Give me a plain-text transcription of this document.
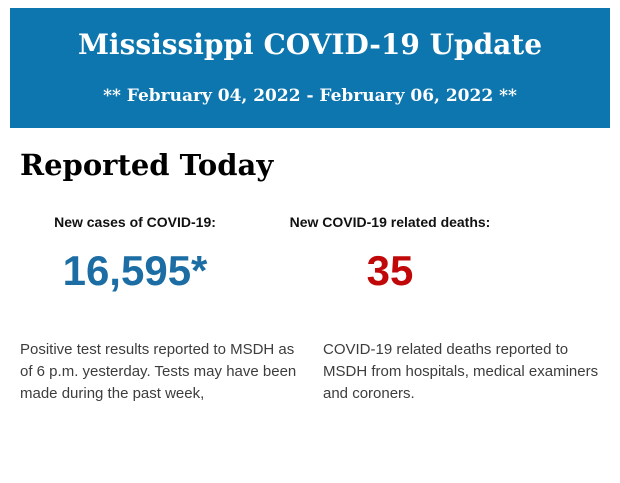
Mississippi COVID-19 Update
** February 04, 2022 - February 06, 2022 **
Reported Today
New cases of COVID-19:
16,595*

Positive test results reported to MSDH as of 6 p.m. yesterday. Tests may have been made during the past week,

New COVID-19 related deaths:
35

COVID-19 related deaths reported to MSDH from hospitals, medical examiners and coroners.
